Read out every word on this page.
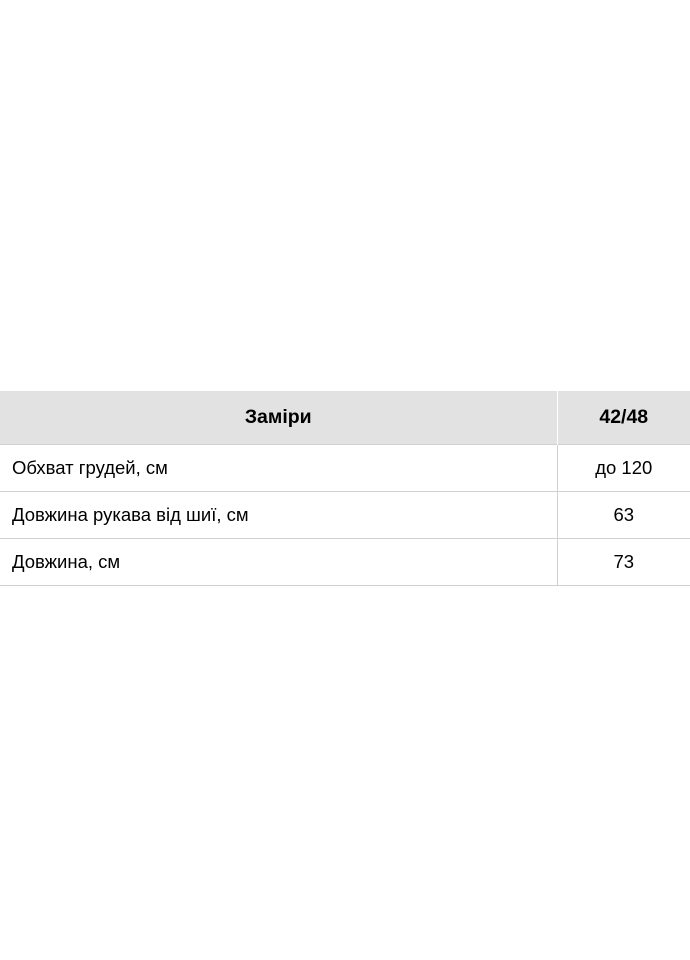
Заміри	42/48
Обхват грудей, см	до 120
Довжина рукава від шиї, см	63
Довжина, см	73
